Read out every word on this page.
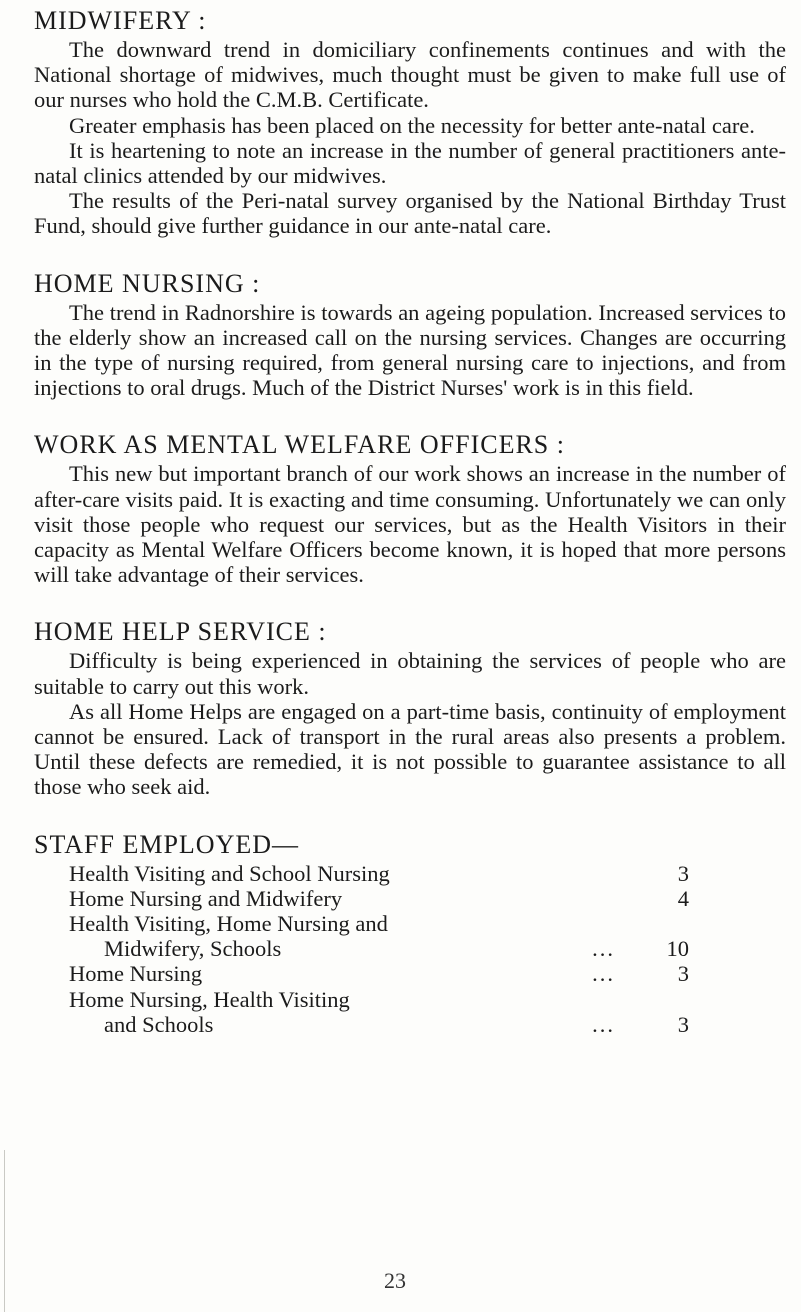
MIDWIFERY :

The downward trend in domiciliary confinements continues and with the National shortage of midwives, much thought must be given to make full use of our nurses who hold the C.M.B. Certificate.

Greater emphasis has been placed on the necessity for better ante-natal care.

It is heartening to note an increase in the number of general practitioners ante-natal clinics attended by our midwives.

The results of the Peri-natal survey organised by the National Birthday Trust Fund, should give further guidance in our ante-natal care.

HOME NURSING :

The trend in Radnorshire is towards an ageing population. Increased services to the elderly show an increased call on the nursing services. Changes are occurring in the type of nursing required, from general nursing care to injections, and from injections to oral drugs. Much of the District Nurses' work is in this field.

WORK AS MENTAL WELFARE OFFICERS :

This new but important branch of our work shows an increase in the number of after-care visits paid. It is exacting and time consuming. Unfortunately we can only visit those people who request our services, but as the Health Visitors in their capacity as Mental Welfare Officers become known, it is hoped that more persons will take advantage of their services.

HOME HELP SERVICE :

Difficulty is being experienced in obtaining the services of people who are suitable to carry out this work.

As all Home Helps are engaged on a part-time basis, continuity of employment cannot be ensured. Lack of transport in the rural areas also presents a problem. Until these defects are remedied, it is not possible to guarantee assistance to all those who seek aid.

STAFF EMPLOYED—

Health Visiting and School Nursing	3
Home Nursing and Midwifery	4
Health Visiting, Home Nursing and
Midwifery, Schools	...	10
Home Nursing	...	3
Home Nursing, Health Visiting
and Schools	...	3
23
